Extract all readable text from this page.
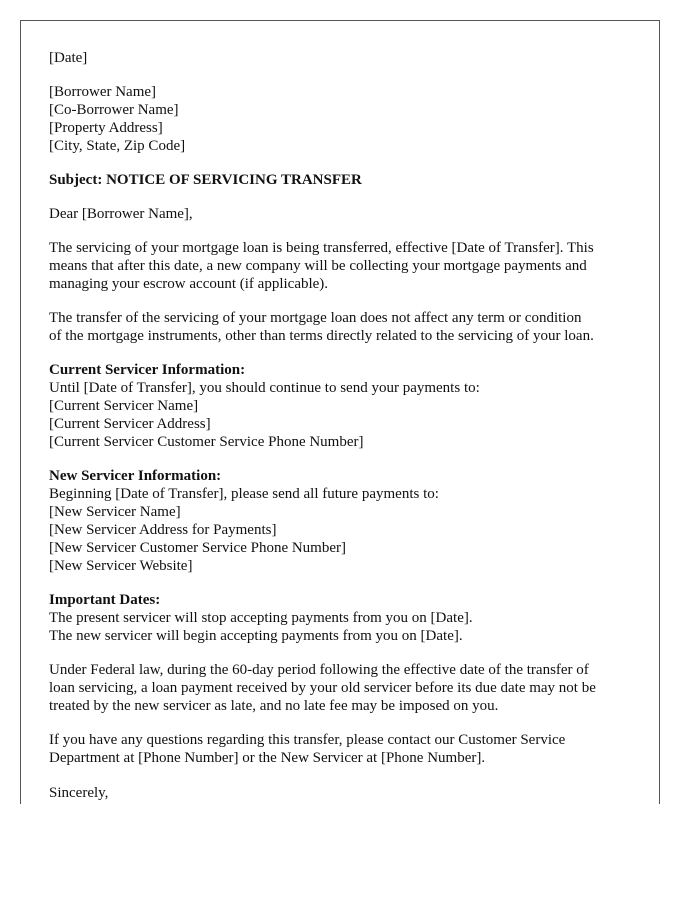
[Date]

[Borrower Name]
[Co-Borrower Name]
[Property Address]
[City, State, Zip Code]

Subject: NOTICE OF SERVICING TRANSFER

Dear [Borrower Name],

The servicing of your mortgage loan is being transferred, effective [Date of Transfer]. This
means that after this date, a new company will be collecting your mortgage payments and
managing your escrow account (if applicable).

The transfer of the servicing of your mortgage loan does not affect any term or condition
of the mortgage instruments, other than terms directly related to the servicing of your loan.

Current Servicer Information:
Until [Date of Transfer], you should continue to send your payments to:
[Current Servicer Name]
[Current Servicer Address]
[Current Servicer Customer Service Phone Number]
New Servicer Information:
Beginning [Date of Transfer], please send all future payments to:
[New Servicer Name]
[New Servicer Address for Payments]
[New Servicer Customer Service Phone Number]
[New Servicer Website]
Important Dates:
The present servicer will stop accepting payments from you on [Date].
The new servicer will begin accepting payments from you on [Date].

Under Federal law, during the 60-day period following the effective date of the transfer of
loan servicing, a loan payment received by your old servicer before its due date may not be
treated by the new servicer as late, and no late fee may be imposed on you.

If you have any questions regarding this transfer, please contact our Customer Service
Department at [Phone Number] or the New Servicer at [Phone Number].

Sincerely,
